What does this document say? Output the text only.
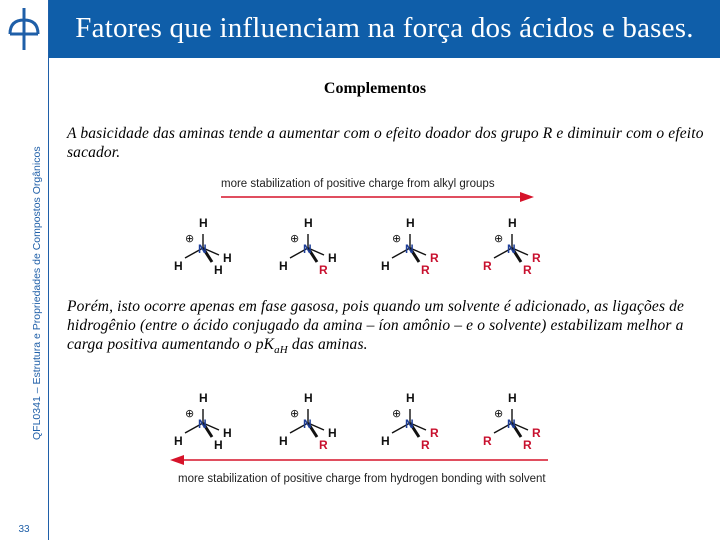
Fatores que influenciam na força dos ácidos e bases.
QFL0341 – Estrutura e Propriedades de Compostos Orgânicos
33
Complementos
A basicidade das aminas tende a aumentar com o efeito doador dos grupo R e diminuir com o efeito sacador.
more stabilization of positive charge from alkyl groups
N
⊕
H
H
H
H
N
⊕
H
H
H
R
N
⊕
H
H
R
R
N
⊕
H
R
R
R
Porém, isto ocorre apenas em fase gasosa, pois quando um solvente é adicionado, as ligações de hidrogênio (entre o ácido conjugado da amina – íon amônio – e o solvente) estabilizam melhor a carga positiva aumentando o $pK_{aH}$ das aminas.
N
⊕
H
H
H
H
N
⊕
H
H
H
R
N
⊕
H
H
R
R
N
⊕
H
R
R
R
more stabilization of positive charge from hydrogen bonding with solvent
